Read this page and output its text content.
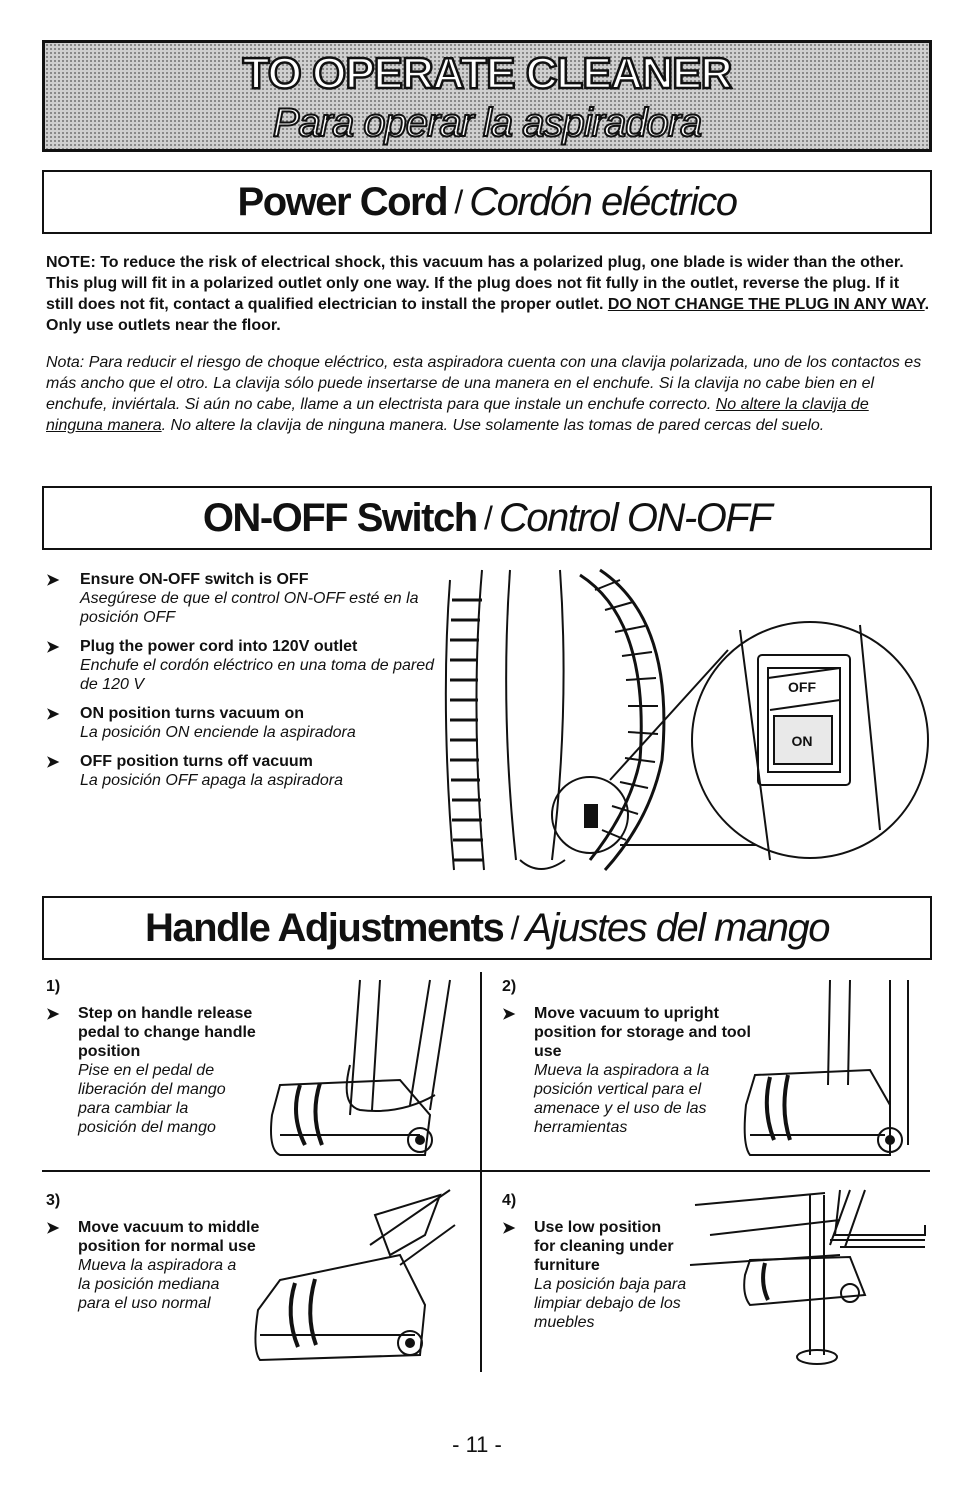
TO OPERATE CLEANER
Para operar la aspiradora
Power Cord / Cordón eléctrico

NOTE: To reduce the risk of electrical shock, this vacuum has a polarized plug, one blade is wider than the other. This plug will fit in a polarized outlet only one way. If the plug does not fit fully in the outlet, reverse the plug. If it still does not fit, contact a qualified electrician to install the proper outlet. DO NOT CHANGE THE PLUG IN ANY WAY. Only use outlets near the floor.

Nota: Para reducir el riesgo de choque eléctrico, esta aspiradora cuenta con una clavija polarizada, uno de los contactos es más ancho que el otro. La clavija sólo puede insertarse de una manera en el enchufe. Si la clavija no cabe bien en el enchufe, inviértala. Si aún no cabe, llame a un electrista para que instale un enchufe correcto. No altere la clavija de ninguna manera. No altere la clavija de ninguna manera. Use solamente las tomas de pared cercas del suelo.

ON-OFF Switch / Control ON-OFF
➤ Ensure ON-OFF switch is OFF
Asegúrese de que el control ON-OFF esté en la posición OFF
➤ Plug the power cord into 120V outlet
Enchufe el cordón eléctrico en una toma de pared de 120 V
➤ ON position turns vacuum on
La posición ON enciende la aspiradora
➤ OFF position turns off vacuum
La posición OFF apaga la aspiradora
OFF
ON
Handle Adjustments / Ajustes del mango
1)
➤ Step on handle release pedal to change handle position
Pise en el pedal de liberación del mango para cambiar la posición del mango
2)
➤ Move vacuum to upright position for storage and tool use
Mueva la aspiradora a la posición vertical para el amenace y el uso de las herramientas
3)
➤ Move vacuum to middle position for normal use
Mueva la aspiradora a la posición mediana para el uso normal
4)
➤ Use low position for cleaning under furniture
La posición baja para limpiar debajo de los muebles
- 11 -
